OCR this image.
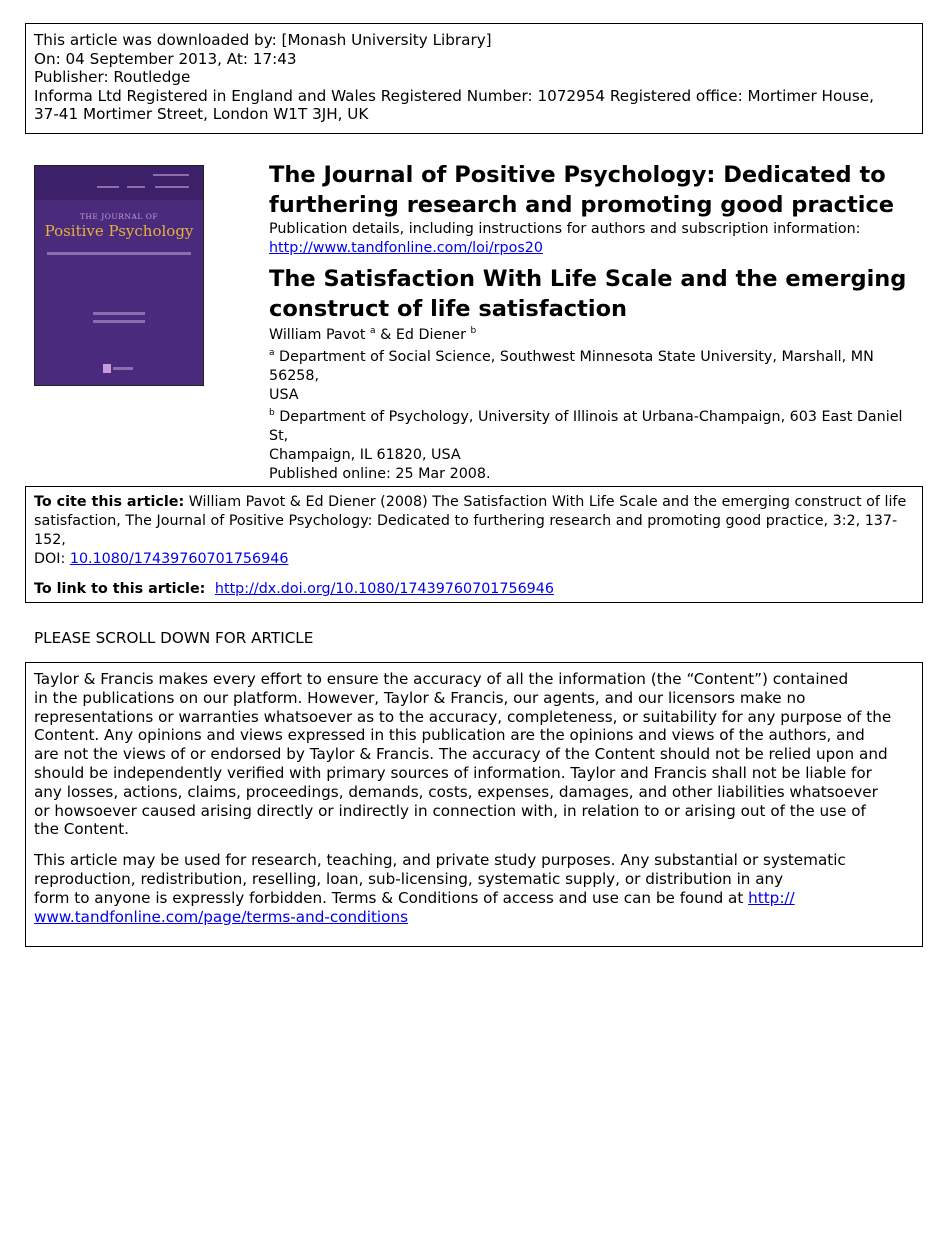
This article was downloaded by: [Monash University Library]
On: 04 September 2013, At: 17:43
Publisher: Routledge
Informa Ltd Registered in England and Wales Registered Number: 1072954 Registered office: Mortimer House,
37-41 Mortimer Street, London W1T 3JH, UK
THE JOURNAL OF
Positive Psychology
The Journal of Positive Psychology: Dedicated to
furthering research and promoting good practice
Publication details, including instructions for authors and subscription information:
http://www.tandfonline.com/loi/rpos20
The Satisfaction With Life Scale and the emerging
construct of life satisfaction
William Pavot $^a$ & Ed Diener $^b$
$^a$ Department of Social Science, Southwest Minnesota State University, Marshall, MN 56258,
USA
$^b$ Department of Psychology, University of Illinois at Urbana-Champaign, 603 East Daniel St,
Champaign, IL 61820, USA
Published online: 25 Mar 2008.
To cite this article: William Pavot & Ed Diener (2008) The Satisfaction With Life Scale and the emerging construct of life
satisfaction, The Journal of Positive Psychology: Dedicated to furthering research and promoting good practice, 3:2, 137-152,
DOI: 10.1080/17439760701756946
To link to this article:  http://dx.doi.org/10.1080/17439760701756946
PLEASE SCROLL DOWN FOR ARTICLE

Taylor & Francis makes every effort to ensure the accuracy of all the information (the “Content”) contained
in the publications on our platform. However, Taylor & Francis, our agents, and our licensors make no
representations or warranties whatsoever as to the accuracy, completeness, or suitability for any purpose of the
Content. Any opinions and views expressed in this publication are the opinions and views of the authors, and
are not the views of or endorsed by Taylor & Francis. The accuracy of the Content should not be relied upon and
should be independently verified with primary sources of information. Taylor and Francis shall not be liable for
any losses, actions, claims, proceedings, demands, costs, expenses, damages, and other liabilities whatsoever
or howsoever caused arising directly or indirectly in connection with, in relation to or arising out of the use of
the Content.

This article may be used for research, teaching, and private study purposes. Any substantial or systematic
reproduction, redistribution, reselling, loan, sub-licensing, systematic supply, or distribution in any
form to anyone is expressly forbidden. Terms & Conditions of access and use can be found at http://
www.tandfonline.com/page/terms-and-conditions
